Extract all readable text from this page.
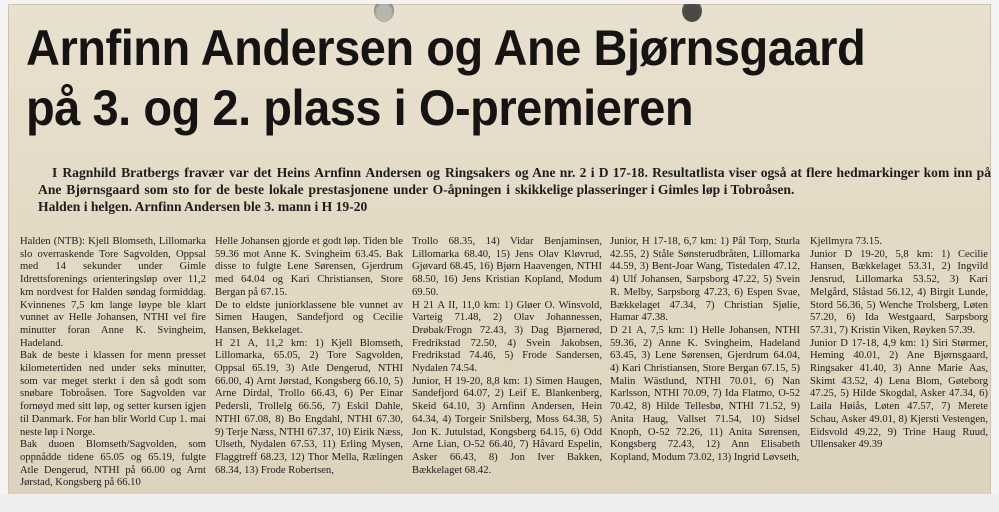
Arnfinn Andersen og Ane Bjørnsgaard på 3. og 2. plass i O-premieren

I Ragnhild Bratbergs fravær var det Heins Arnfinn Andersen og Ringsakers Ane Bjørnsgaard som sto for de beste lokale prestasjonene under O-åpningen i Halden i helgen. Arnfinn Andersen ble 3. mann i H 19-20

og Ane nr. 2 i D 17-18. Resultatlista viser også at flere hedmarkinger kom inn på skikkelige plasseringer i Gimles løp i Tobroåsen.

Halden (NTB): Kjell Blomseth, Lillomarka slo overraskende Tore Sagvolden, Oppsal med 14 sekunder under Gimle Idrettsforenings orienteringsløp over 11,2 km nordvest for Halden søndag formiddag. Kvinnenes 7,5 km lange løype ble klart vunnet av Helle Johansen, NTHI vel fire minutter foran Anne K. Svingheim, Hadeland.
Bak de beste i klassen for menn presset kilometertiden ned under seks minutter, som var meget sterkt i den så godt som snøbare Tobroåsen. Tore Sagvolden var fornøyd med sitt løp, og setter kursen igjen til Danmark. For han blir World Cup 1. mai neste løp i Norge.
Bak duoen Blomseth/Sagvolden, som oppnådde tidene 65.05 og 65.19, fulgte Atle Dengerud, NTHI på 66.00 og Arnt Jørstad, Kongsberg på 66.10

Helle Johansen gjorde et godt løp. Tiden ble 59.36 mot Anne K. Svingheim 63.45. Bak disse to fulgte Lene Sørensen, Gjerdrum med 64.04 og Kari Christiansen, Store Bergan på 67.15.
De to eldste juniorklassene ble vunnet av Simen Haugen, Sandefjord og Cecilie Hansen, Bekkelaget.
H 21 A, 11,2 km: 1) Kjell Blomseth, Lillomarka, 65.05, 2) Tore Sagvolden, Oppsal 65.19, 3) Atle Dengerud, NTHI 66.00, 4) Arnt Jørstad, Kongsberg 66.10, 5) Arne Dirdal, Trollo 66.43, 6) Per Einar Pedersli, Trollelg 66.56, 7) Eskil Dahle, NTHI 67.08, 8) Bo Engdahl, NTHI 67.30, 9) Terje Næss, NTHI 67.37, 10) Eirik Næss, Ulseth, Nydalen 67.53, 11) Erling Mysen, Flaggtreff 68.23, 12) Thor Mella, Rælingen 68.34, 13) Frode Robertsen,

Trollo 68.35, 14) Vidar Benjaminsen, Lillomarka 68.40, 15) Jens Olav Kløvrud, Gjøvard 68.45, 16) Bjørn Haavengen, NTHI 68.50, 16) Jens Kristian Kopland, Modum 69.50.
H 21 A II, 11,0 km: 1) Gløer O. Winsvold, Varteig 71.48, 2) Olav Johannessen, Drøbak/Frogn 72.43, 3) Dag Bjørnerød, Fredrikstad 72.50, 4) Svein Jakobsen, Fredrikstad 74.46, 5) Frode Sandersen, Nydalen 74.54.
Junior, H 19-20, 8,8 km: 1) Simen Haugen, Sandefjord 64.07, 2) Leif E. Blankenberg, Skeid 64.10, 3) Arnfinn Andersen, Hein 64.34, 4) Torgeir Snilsberg, Moss 64.38, 5) Jon K. Jutulstad, Kongsberg 64.15, 6) Odd Arne Lian, O-52 66.40, 7) Håvard Espelin, Asker 66.43, 8) Jon Iver Bakken, Bækkelaget 68.42.

Junior, H 17-18, 6,7 km: 1) Pål Torp, Sturla 42.55, 2) Ståle Sønsterudbråten, Lillomarka 44.59, 3) Bent-Joar Wang, Tistedalen 47.12, 4) Ulf Johansen, Sarpsborg 47.22, 5) Svein R. Melby, Sarpsborg 47.23, 6) Espen Svae, Bækkelaget 47.34, 7) Christian Sjølie, Hamar 47.38.
D 21 A, 7,5 km: 1) Helle Johansen, NTHI 59.36, 2) Anne K. Svingheim, Hadeland 63.45, 3) Lene Sørensen, Gjerdrum 64.04, 4) Kari Christiansen, Store Bergan 67.15, 5) Malin Wästlund, NTHI 70.01, 6) Nan Karlsson, NTHI 70.09, 7) Ida Flatmo, O-52 70.42, 8) Hilde Tellesbø, NTHI 71.52, 9) Anita Haug, Vallset 71.54, 10) Sidsel Knoph, O-52 72.26, 11) Anita Sørensen, Kongsberg 72.43, 12) Ann Elisabeth Kopland, Modum 73.02, 13) Ingrid Løvseth,

Kjellmyra 73.15.
Junior D 19-20, 5,8 km: 1) Cecilie Hansen, Bækkelaget 53.31, 2) Ingvild Jensrud, Lillomarka 53.52, 3) Kari Melgård, Slåstad 56.12, 4) Birgit Lunde, Stord 56.36, 5) Wenche Trolsberg, Løten 57.20, 6) Ida Westgaard, Sarpsborg 57.31, 7) Kristin Viken, Røyken 57.39.
Junior D 17-18, 4,9 km: 1) Siri Størmer, Heming 40.01, 2) Ane Bjørnsgaard, Ringsaker 41.40, 3) Anne Marie Aas, Skimt 43.52, 4) Lena Blom, Gøteborg 47.25, 5) Hilde Skogdal, Asker 47.34, 6) Laila Høiås, Løten 47.57, 7) Merete Schau, Asker 49.01, 8) Kjersti Vestengen, Eidsvold 49.22, 9) Trine Haug Ruud, Ullensaker 49.39
